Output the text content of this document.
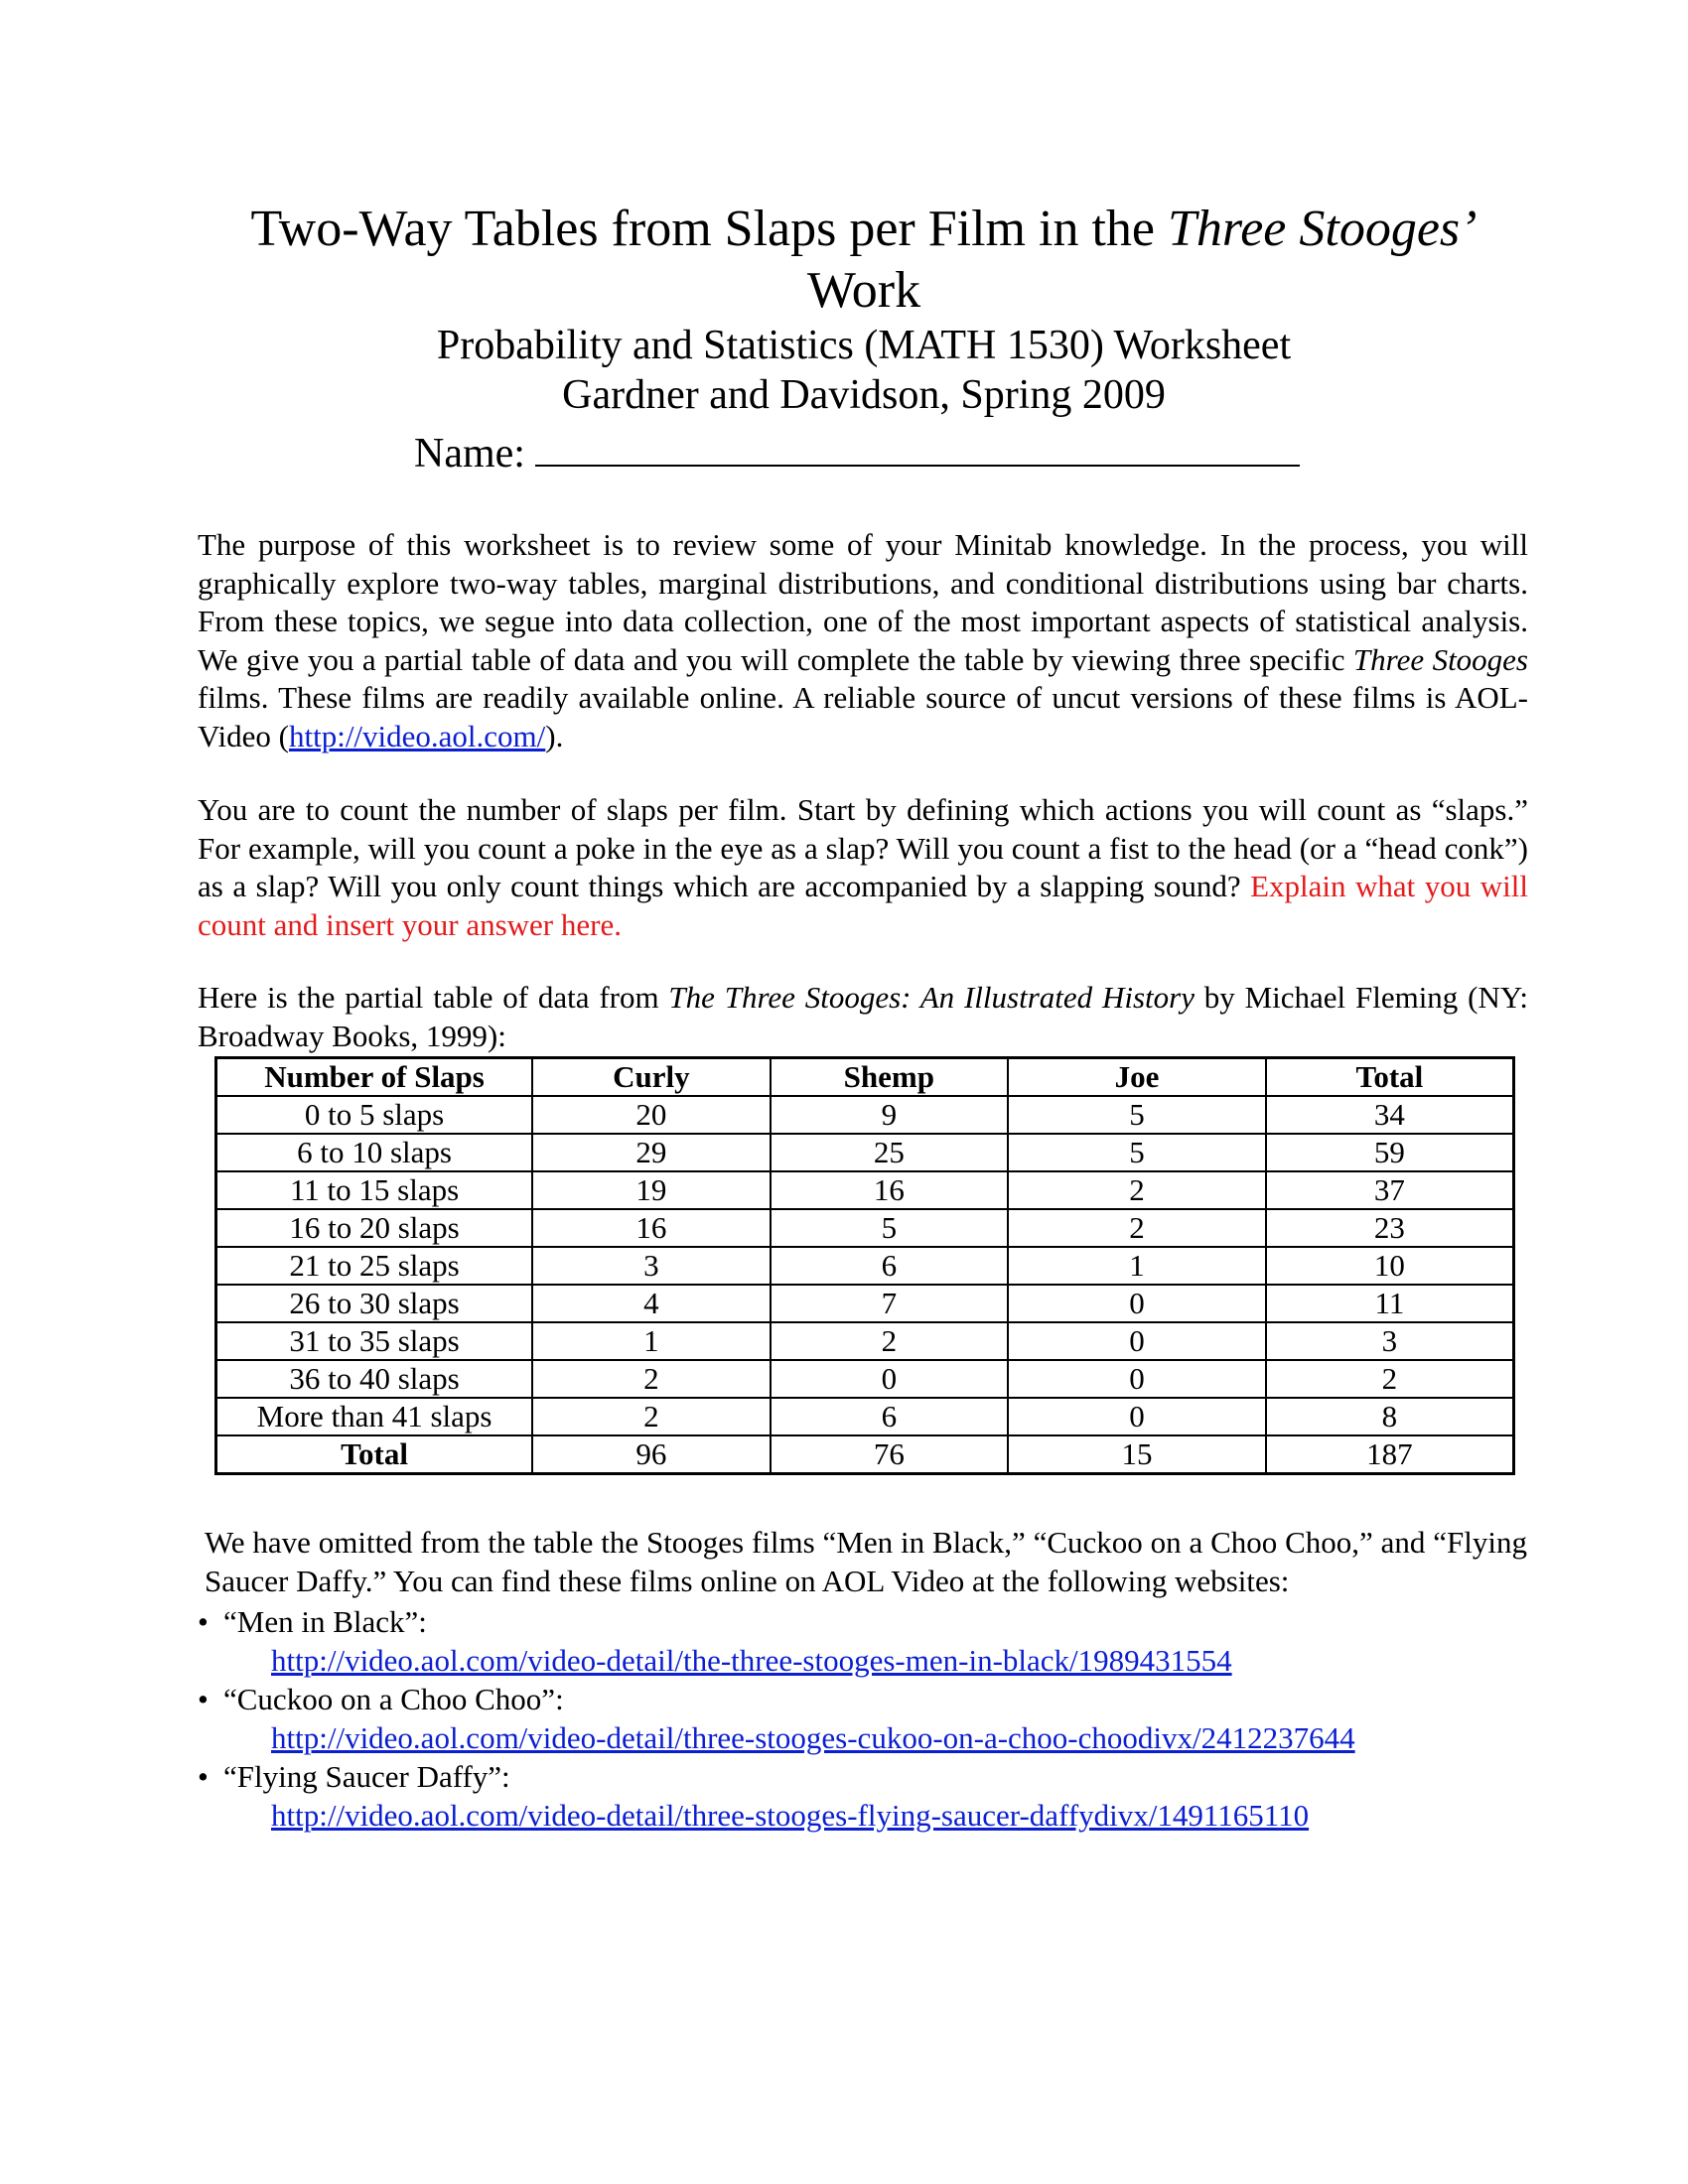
Two-Way Tables from Slaps per Film in the Three Stooges’
Work
Probability and Statistics (MATH 1530) Worksheet
Gardner and Davidson, Spring 2009
Name:
The purpose of this worksheet is to review some of your Minitab knowledge. In the process, you will graphically explore two-way tables, marginal distributions, and conditional distributions using bar charts. From these topics, we segue into data collection, one of the most important aspects of statistical analysis. We give you a partial table of data and you will complete the table by viewing three specific Three Stooges films. These films are readily available online. A reliable source of uncut versions of these films is AOL-Video (http://video.aol.com/).
You are to count the number of slaps per film. Start by defining which actions you will count as “slaps.” For example, will you count a poke in the eye as a slap? Will you count a fist to the head (or a “head conk”) as a slap? Will you only count things which are accompanied by a slapping sound? Explain what you will count and insert your answer here.
Here is the partial table of data from The Three Stooges: An Illustrated History by Michael Fleming (NY: Broadway Books, 1999):
Number of Slaps	Curly	Shemp	Joe	Total
0 to 5 slaps	20	9	5	34
6 to 10 slaps	29	25	5	59
11 to 15 slaps	19	16	2	37
16 to 20 slaps	16	5	2	23
21 to 25 slaps	3	6	1	10
26 to 30 slaps	4	7	0	11
31 to 35 slaps	1	2	0	3
36 to 40 slaps	2	0	0	2
More than 41 slaps	2	6	0	8
Total	96	76	15	187
We have omitted from the table the Stooges films “Men in Black,” “Cuckoo on a Choo Choo,” and “Flying Saucer Daffy.” You can find these films online on AOL Video at the following websites:
• “Men in Black”:
http://video.aol.com/video-detail/the-three-stooges-men-in-black/1989431554
• “Cuckoo on a Choo Choo”:
http://video.aol.com/video-detail/three-stooges-cukoo-on-a-choo-choodivx/2412237644
• “Flying Saucer Daffy”:
http://video.aol.com/video-detail/three-stooges-flying-saucer-daffydivx/1491165110
